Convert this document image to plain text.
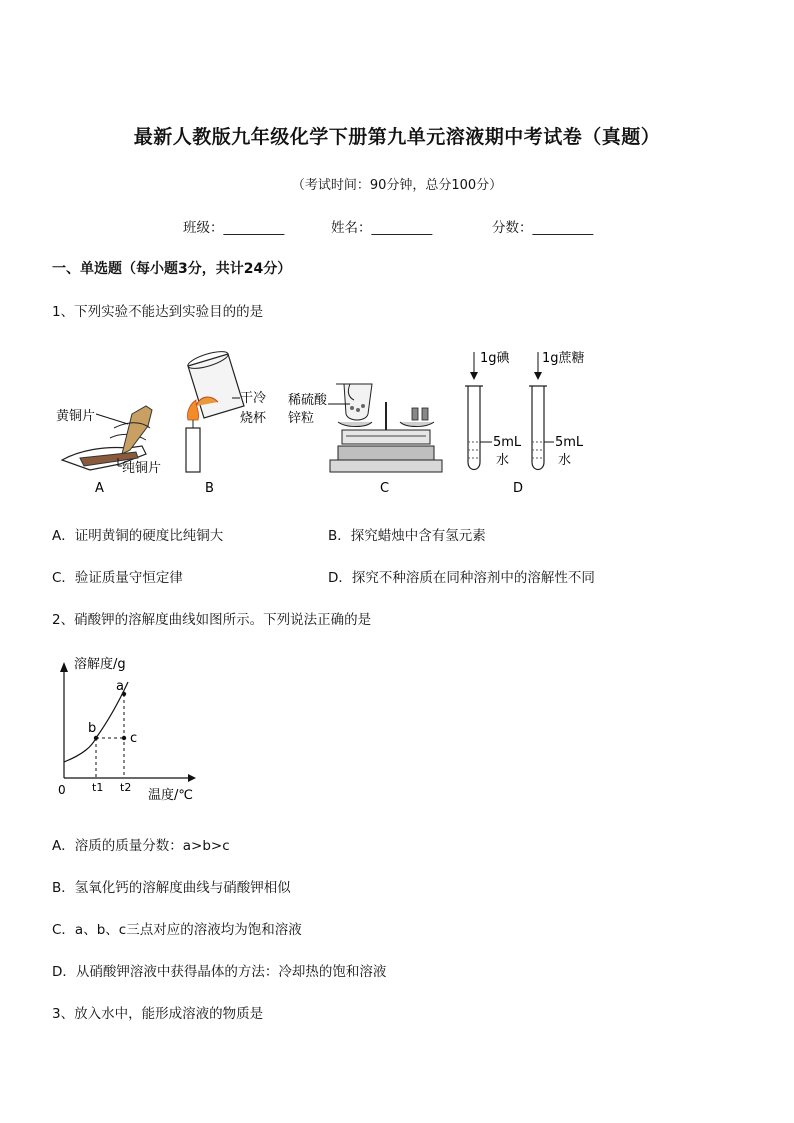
最新人教版九年级化学下册第九单元溶液期中考试卷（真题）
（考试时间：90分钟，总分100分）
班级：_________	姓名：_________	分数：_________
一、单选题（每小题3分，共计24分）
1、下列实验不能达到实验目的的是
黄铜片
纯铜片
A
干冷
烧杯
B
稀硫酸
锌粒
C
1g碘 1g蔗糖
5mL
水
5mL
水
D
A．证明黄铜的硬度比纯铜大	B．探究蜡烛中含有氢元素
C．验证质量守恒定律	D．探究不种溶质在同种溶剂中的溶解性不同
2、硝酸钾的溶解度曲线如图所示。下列说法正确的是
溶解度/g
温度/℃
0 t1 t2
a
b
c
A．溶质的质量分数：a>b>c
B．氢氧化钙的溶解度曲线与硝酸钾相似
C．a、b、c三点对应的溶液均为饱和溶液
D．从硝酸钾溶液中获得晶体的方法：冷却热的饱和溶液
3、放入水中，能形成溶液的物质是
